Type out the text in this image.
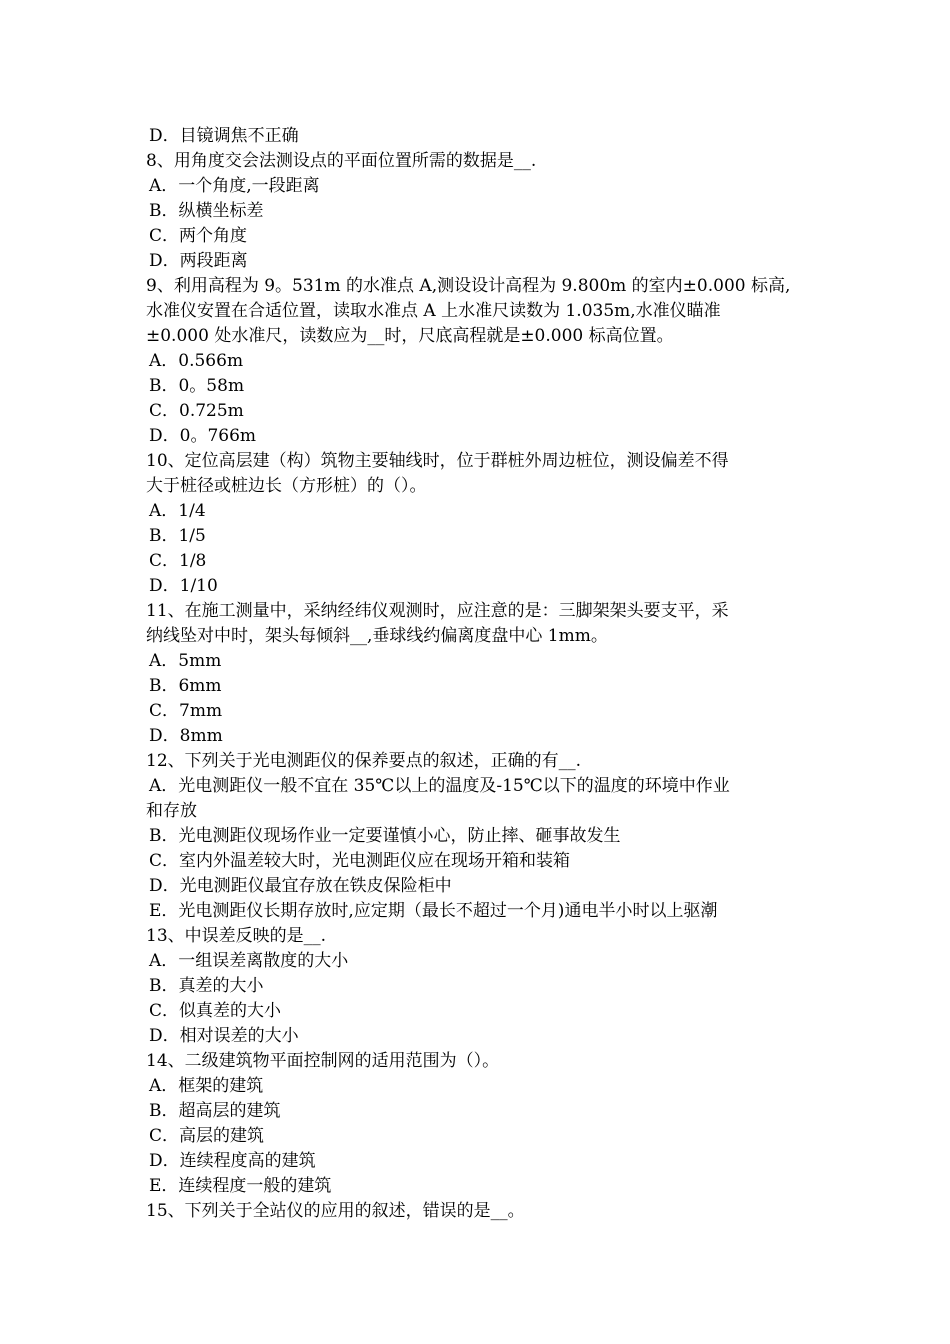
D．目镜调焦不正确
8、用角度交会法测设点的平面位置所需的数据是__.
A．一个角度,一段距离
B．纵横坐标差
C．两个角度
D．两段距离
9、利用高程为 9。531m 的水准点 A,测设设计高程为 9.800m 的室内±0.000 标高,
水准仪安置在合适位置，读取水准点 A 上水准尺读数为 1.035m,水准仪瞄准
±0.000 处水准尺，读数应为__时，尺底高程就是±0.000 标高位置。
A．0.566m
B．0。58m
C．0.725m
D．0。766m
10、定位高层建（构）筑物主要轴线时，位于群桩外周边桩位，测设偏差不得
大于桩径或桩边长（方形桩）的（）。
A．1/4
B．1/5
C．1/8
D．1/10
11、在施工测量中，采纳经纬仪观测时，应注意的是：三脚架架头要支平，采
纳线坠对中时，架头每倾斜__,垂球线约偏离度盘中心 1mm。
A．5mm
B．6mm
C．7mm
D．8mm
12、下列关于光电测距仪的保养要点的叙述，正确的有__.
A．光电测距仪一般不宜在 35℃以上的温度及-15℃以下的温度的环境中作业
和存放
B．光电测距仪现场作业一定要谨慎小心，防止摔、砸事故发生
C．室内外温差较大时，光电测距仪应在现场开箱和装箱
D．光电测距仪最宜存放在铁皮保险柜中
E．光电测距仪长期存放时,应定期（最长不超过一个月)通电半小时以上驱潮
13、中误差反映的是__.
A．一组误差离散度的大小
B．真差的大小
C．似真差的大小
D．相对误差的大小
14、二级建筑物平面控制网的适用范围为（）。
A．框架的建筑
B．超高层的建筑
C．高层的建筑
D．连续程度高的建筑
E．连续程度一般的建筑
15、下列关于全站仪的应用的叙述，错误的是__。
